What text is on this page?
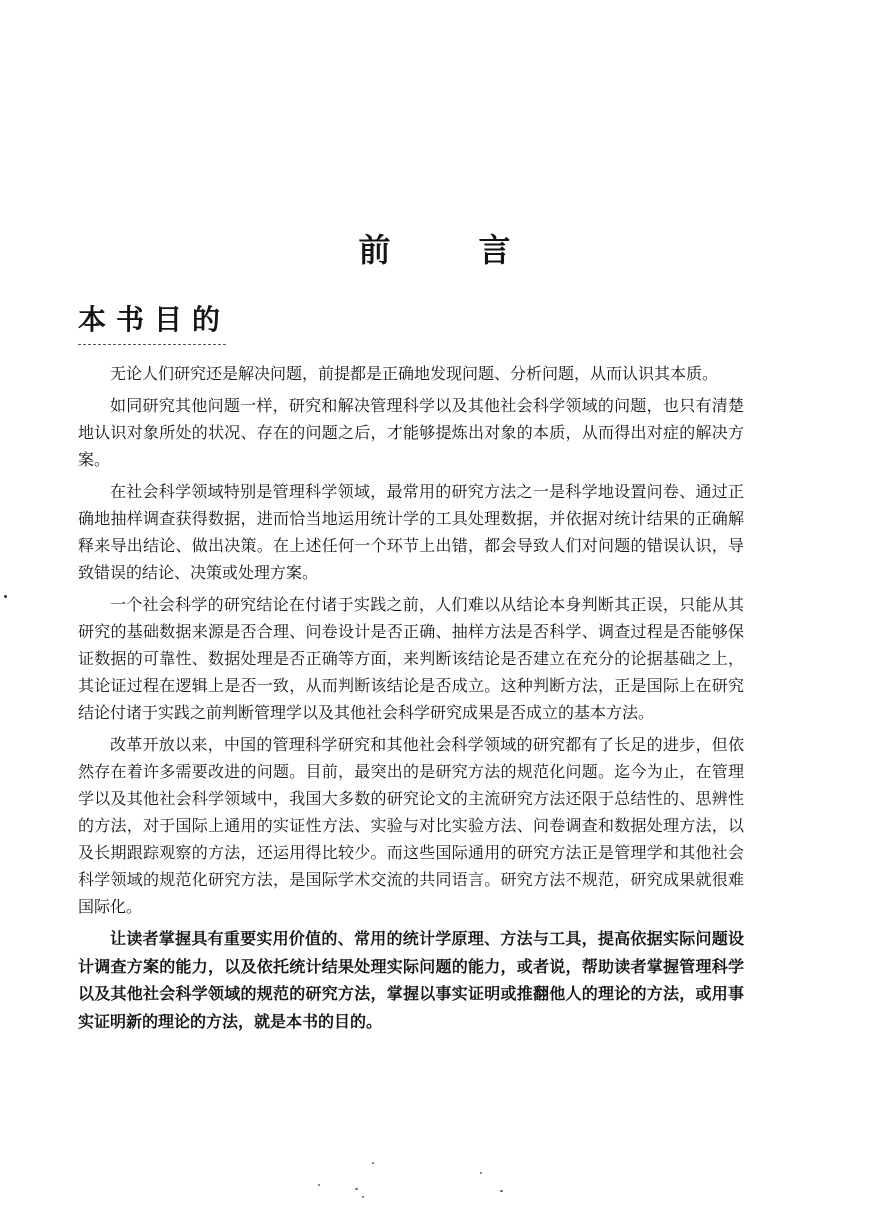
前言
本书目的

无论人们研究还是解决问题，前提都是正确地发现问题、分析问题，从而认识其本质。

如同研究其他问题一样，研究和解决管理科学以及其他社会科学领域的问题，也只有清楚地认识对象所处的状况、存在的问题之后，才能够提炼出对象的本质，从而得出对症的解决方案。

在社会科学领域特别是管理科学领域，最常用的研究方法之一是科学地设置问卷、通过正确地抽样调查获得数据，进而恰当地运用统计学的工具处理数据，并依据对统计结果的正确解释来导出结论、做出决策。在上述任何一个环节上出错，都会导致人们对问题的错误认识，导致错误的结论、决策或处理方案。

一个社会科学的研究结论在付诸于实践之前，人们难以从结论本身判断其正误，只能从其研究的基础数据来源是否合理、问卷设计是否正确、抽样方法是否科学、调查过程是否能够保证数据的可靠性、数据处理是否正确等方面，来判断该结论是否建立在充分的论据基础之上，其论证过程在逻辑上是否一致，从而判断该结论是否成立。这种判断方法，正是国际上在研究结论付诸于实践之前判断管理学以及其他社会科学研究成果是否成立的基本方法。

改革开放以来，中国的管理科学研究和其他社会科学领域的研究都有了长足的进步，但依然存在着许多需要改进的问题。目前，最突出的是研究方法的规范化问题。迄今为止，在管理学以及其他社会科学领域中，我国大多数的研究论文的主流研究方法还限于总结性的、思辨性的方法，对于国际上通用的实证性方法、实验与对比实验方法、问卷调查和数据处理方法，以及长期跟踪观察的方法，还运用得比较少。而这些国际通用的研究方法正是管理学和其他社会科学领域的规范化研究方法，是国际学术交流的共同语言。研究方法不规范，研究成果就很难国际化。

让读者掌握具有重要实用价值的、常用的统计学原理、方法与工具，提高依据实际问题设计调查方案的能力，以及依托统计结果处理实际问题的能力，或者说，帮助读者掌握管理科学以及其他社会科学领域的规范的研究方法，掌握以事实证明或推翻他人的理论的方法，或用事实证明新的理论的方法，就是本书的目的。
